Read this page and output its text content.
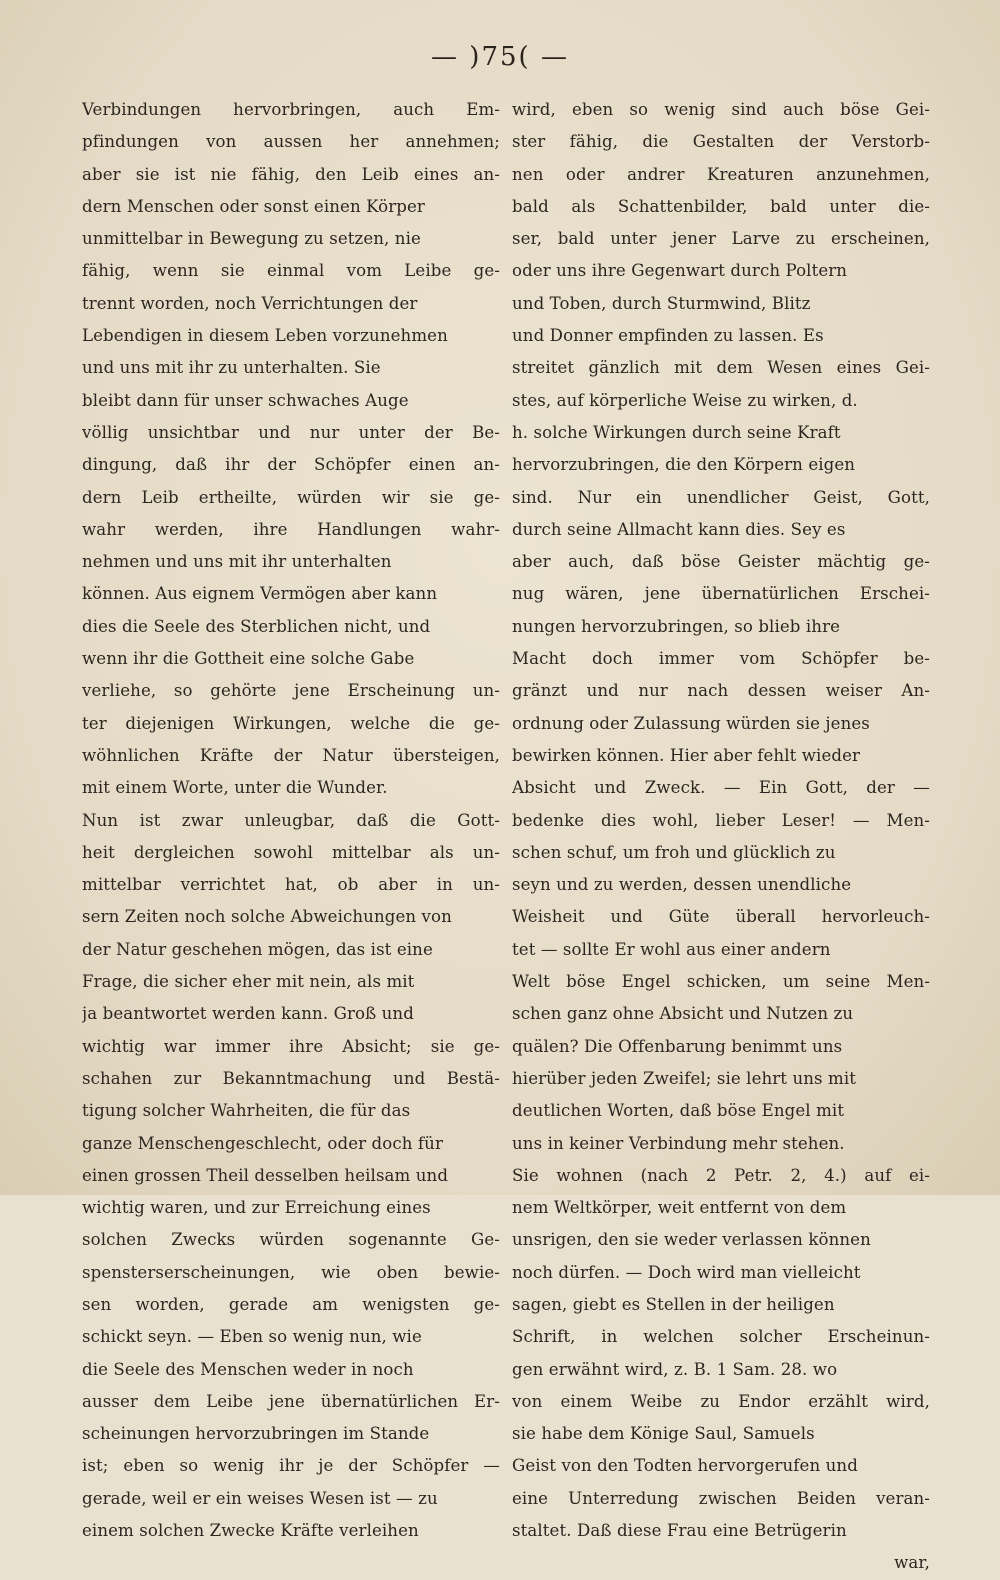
— )75( —
Verbindungen hervorbringen, auch Em-
pfindungen von aussen her annehmen;
aber sie ist nie fähig, den Leib eines an-
dern Menschen oder sonst einen Körper
unmittelbar in Bewegung zu setzen, nie
fähig, wenn sie einmal vom Leibe ge-
trennt worden, noch Verrichtungen der
Lebendigen in diesem Leben vorzunehmen
und uns mit ihr zu unterhalten. Sie
bleibt dann für unser schwaches Auge
völlig unsichtbar und nur unter der Be-
dingung, daß ihr der Schöpfer einen an-
dern Leib ertheilte, würden wir sie ge-
wahr werden, ihre Handlungen wahr-
nehmen und uns mit ihr unterhalten
können. Aus eignem Vermögen aber kann
dies die Seele des Sterblichen nicht, und
wenn ihr die Gottheit eine solche Gabe
verliehe, so gehörte jene Erscheinung un-
ter diejenigen Wirkungen, welche die ge-
wöhnlichen Kräfte der Natur übersteigen,
mit einem Worte, unter die Wunder.
Nun ist zwar unleugbar, daß die Gott-
heit dergleichen sowohl mittelbar als un-
mittelbar verrichtet hat, ob aber in un-
sern Zeiten noch solche Abweichungen von
der Natur geschehen mögen, das ist eine
Frage, die sicher eher mit nein, als mit
ja beantwortet werden kann. Groß und
wichtig war immer ihre Absicht; sie ge-
schahen zur Bekanntmachung und Bestä-
tigung solcher Wahrheiten, die für das
ganze Menschengeschlecht, oder doch für
einen grossen Theil desselben heilsam und
wichtig waren, und zur Erreichung eines
solchen Zwecks würden sogenannte Ge-
spensterserscheinungen, wie oben bewie-
sen worden, gerade am wenigsten ge-
schickt seyn. — Eben so wenig nun, wie
die Seele des Menschen weder in noch
ausser dem Leibe jene übernatürlichen Er-
scheinungen hervorzubringen im Stande
ist; eben so wenig ihr je der Schöpfer —
gerade, weil er ein weises Wesen ist — zu
einem solchen Zwecke Kräfte verleihen
wird, eben so wenig sind auch böse Gei-
ster fähig, die Gestalten der Verstorb-
nen oder andrer Kreaturen anzunehmen,
bald als Schattenbilder, bald unter die-
ser, bald unter jener Larve zu erscheinen,
oder uns ihre Gegenwart durch Poltern
und Toben, durch Sturmwind, Blitz
und Donner empfinden zu lassen. Es
streitet gänzlich mit dem Wesen eines Gei-
stes, auf körperliche Weise zu wirken, d.
h. solche Wirkungen durch seine Kraft
hervorzubringen, die den Körpern eigen
sind. Nur ein unendlicher Geist, Gott,
durch seine Allmacht kann dies. Sey es
aber auch, daß böse Geister mächtig ge-
nug wären, jene übernatürlichen Erschei-
nungen hervorzubringen, so blieb ihre
Macht doch immer vom Schöpfer be-
gränzt und nur nach dessen weiser An-
ordnung oder Zulassung würden sie jenes
bewirken können. Hier aber fehlt wieder
Absicht und Zweck. — Ein Gott, der —
bedenke dies wohl, lieber Leser! — Men-
schen schuf, um froh und glücklich zu
seyn und zu werden, dessen unendliche
Weisheit und Güte überall hervorleuch-
tet — sollte Er wohl aus einer andern
Welt böse Engel schicken, um seine Men-
schen ganz ohne Absicht und Nutzen zu
quälen? Die Offenbarung benimmt uns
hierüber jeden Zweifel; sie lehrt uns mit
deutlichen Worten, daß böse Engel mit
uns in keiner Verbindung mehr stehen.
Sie wohnen (nach 2 Petr. 2, 4.) auf ei-
nem Weltkörper, weit entfernt von dem
unsrigen, den sie weder verlassen können
noch dürfen. — Doch wird man vielleicht
sagen, giebt es Stellen in der heiligen
Schrift, in welchen solcher Erscheinun-
gen erwähnt wird, z. B. 1 Sam. 28. wo
von einem Weibe zu Endor erzählt wird,
sie habe dem Könige Saul, Samuels
Geist von den Todten hervorgerufen und
eine Unterredung zwischen Beiden veran-
staltet. Daß diese Frau eine Betrügerin
war,
